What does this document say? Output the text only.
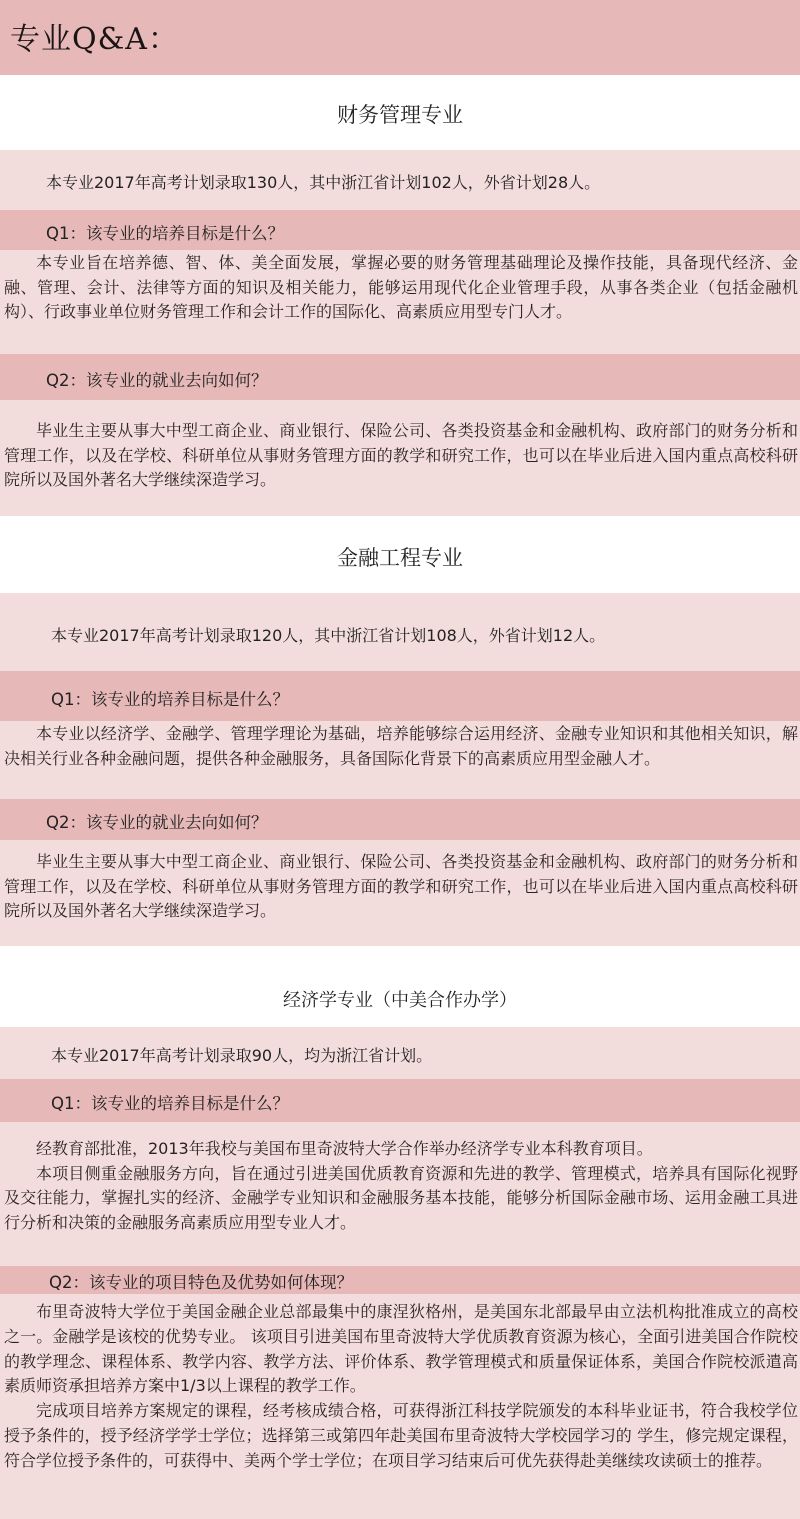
专业Q&A：
财务管理专业
本专业2017年高考计划录取130人，其中浙江省计划102人，外省计划28人。
Q1：该专业的培养目标是什么？

本专业旨在培养德、智、体、美全面发展，掌握必要的财务管理基础理论及操作技能，具备现代经济、金融、管理、会计、法律等方面的知识及相关能力，能够运用现代化企业管理手段，从事各类企业（包括金融机构）、行政事业单位财务管理工作和会计工作的国际化、高素质应用型专门人才。

Q2：该专业的就业去向如何？

毕业生主要从事大中型工商企业、商业银行、保险公司、各类投资基金和金融机构、政府部门的财务分析和管理工作，以及在学校、科研单位从事财务管理方面的教学和研究工作，也可以在毕业后进入国内重点高校科研院所以及国外著名大学继续深造学习。

金融工程专业
本专业2017年高考计划录取120人，其中浙江省计划108人，外省计划12人。
Q1：该专业的培养目标是什么？

本专业以经济学、金融学、管理学理论为基础，培养能够综合运用经济、金融专业知识和其他相关知识，解决相关行业各种金融问题，提供各种金融服务，具备国际化背景下的高素质应用型金融人才。

Q2：该专业的就业去向如何？

毕业生主要从事大中型工商企业、商业银行、保险公司、各类投资基金和金融机构、政府部门的财务分析和管理工作，以及在学校、科研单位从事财务管理方面的教学和研究工作，也可以在毕业后进入国内重点高校科研院所以及国外著名大学继续深造学习。

经济学专业（中美合作办学）
本专业2017年高考计划录取90人，均为浙江省计划。
Q1：该专业的培养目标是什么？

经教育部批准，2013年我校与美国布里奇波特大学合作举办经济学专业本科教育项目。

本项目侧重金融服务方向，旨在通过引进美国优质教育资源和先进的教学、管理模式，培养具有国际化视野及交往能力，掌握扎实的经济、金融学专业知识和金融服务基本技能，能够分析国际金融市场、运用金融工具进行分析和决策的金融服务高素质应用型专业人才。

Q2：该专业的项目特色及优势如何体现？

布里奇波特大学位于美国金融企业总部最集中的康涅狄格州，是美国东北部最早由立法机构批准成立的高校之一。金融学是该校的优势专业。 该项目引进美国布里奇波特大学优质教育资源为核心，全面引进美国合作院校的教学理念、课程体系、教学内容、教学方法、评价体系、教学管理模式和质量保证体系，美国合作院校派遣高素质师资承担培养方案中1/3以上课程的教学工作。

完成项目培养方案规定的课程，经考核成绩合格，可获得浙江科技学院颁发的本科毕业证书，符合我校学位授予条件的，授予经济学学士学位；选择第三或第四年赴美国布里奇波特大学校园学习的 学生，修完规定课程，符合学位授予条件的，可获得中、美两个学士学位；在项目学习结束后可优先获得赴美继续攻读硕士的推荐。
